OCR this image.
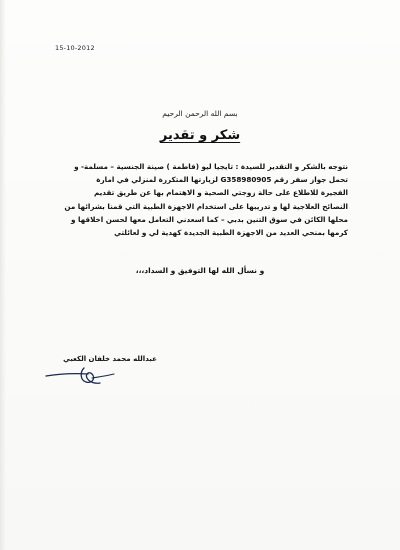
15-10-2012
بسم الله الرحمن الرحيم
شكر و تقدير
نتوجه بالشكر و التقدير للسيدة : تايجيا ليو (فاطمة ) صينة الجنسية – مسلمة- و
تحمل جواز سفر رقم G358980905 لزيارتها المتكررة لمنزلي في امارة
الفجيرة للاطلاع على حالة زوجتي الصحية و الاهتمام بها عن طريق تقديم
النصائح العلاجية لها و تدريبها على استخدام الاجهزة الطبية التي قمنا بشرائها من
محلها الكائن في سوق التنين بدبي – كما اسعدني التعامل معها لحسن اخلاقها و
كرمها بمنحي العديد من الاجهزة الطبية الجديدة كهدية لي و لعائلتي
و نسأل الله لها التوفيق و السداد،،،
عبدالله محمد خلفان الكعبي
